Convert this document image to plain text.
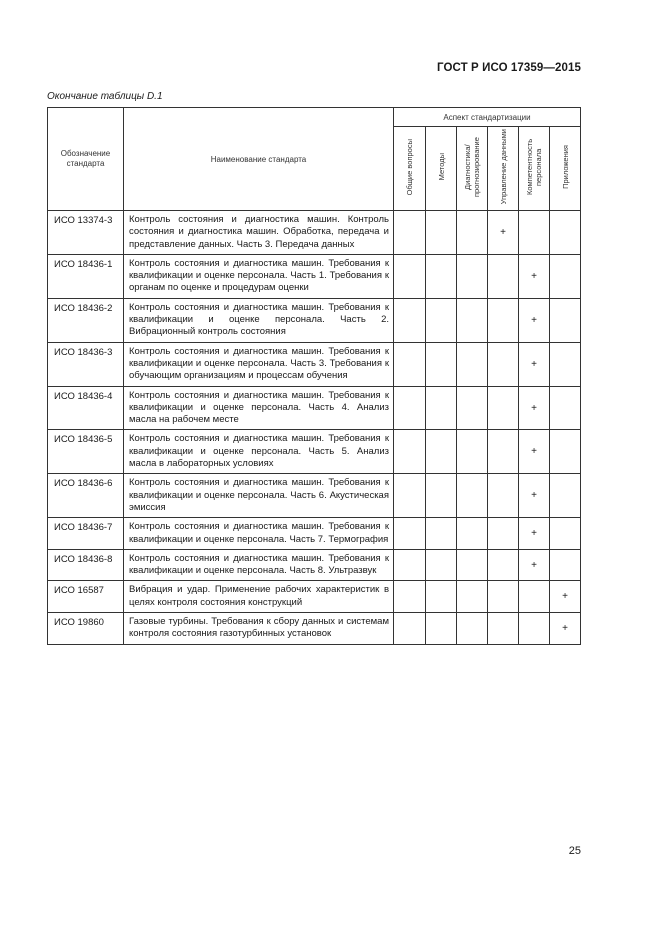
ГОСТ Р ИСО 17359—2015
Окончание таблицы D.1
Обозначение стандарта	Наименование стандарта	Аспект стандартизации					
		Общие вопросы	Методы	Диагностика/ прогнозирование	Управление данными	Компетентность персонала	Приложения
ИСО 13374-3	Контроль состояния и диагностика машин. Контроль состояния и диагностика машин. Обработка, передача и представление данных. Часть 3. Передача данных				+		
ИСО 18436-1	Контроль состояния и диагностика машин. Требования к квалификации и оценке персонала. Часть 1. Требования к органам по оценке и процедурам оценки					+	
ИСО 18436-2	Контроль состояния и диагностика машин. Требования к квалификации и оценке персонала. Часть 2. Вибрационный контроль состояния					+	
ИСО 18436-3	Контроль состояния и диагностика машин. Требования к квалификации и оценке персонала. Часть 3. Требования к обучающим организациям и процессам обучения					+	
ИСО 18436-4	Контроль состояния и диагностика машин. Требования к квалификации и оценке персонала. Часть 4. Анализ масла на рабочем месте					+	
ИСО 18436-5	Контроль состояния и диагностика машин. Требования к квалификации и оценке персонала. Часть 5. Анализ масла в лабораторных условиях					+	
ИСО 18436-6	Контроль состояния и диагностика машин. Требования к квалификации и оценке персонала. Часть 6. Акустическая эмиссия					+	
ИСО 18436-7	Контроль состояния и диагностика машин. Требования к квалификации и оценке персонала. Часть 7. Термография					+	
ИСО 18436-8	Контроль состояния и диагностика машин. Требования к квалификации и оценке персонала. Часть 8. Ультразвук					+	
ИСО 16587	Вибрация и удар. Применение рабочих характеристик в целях контроля состояния конструкций						+
ИСО 19860	Газовые турбины. Требования к сбору данных и системам контроля состояния газотурбинных установок						+
25
